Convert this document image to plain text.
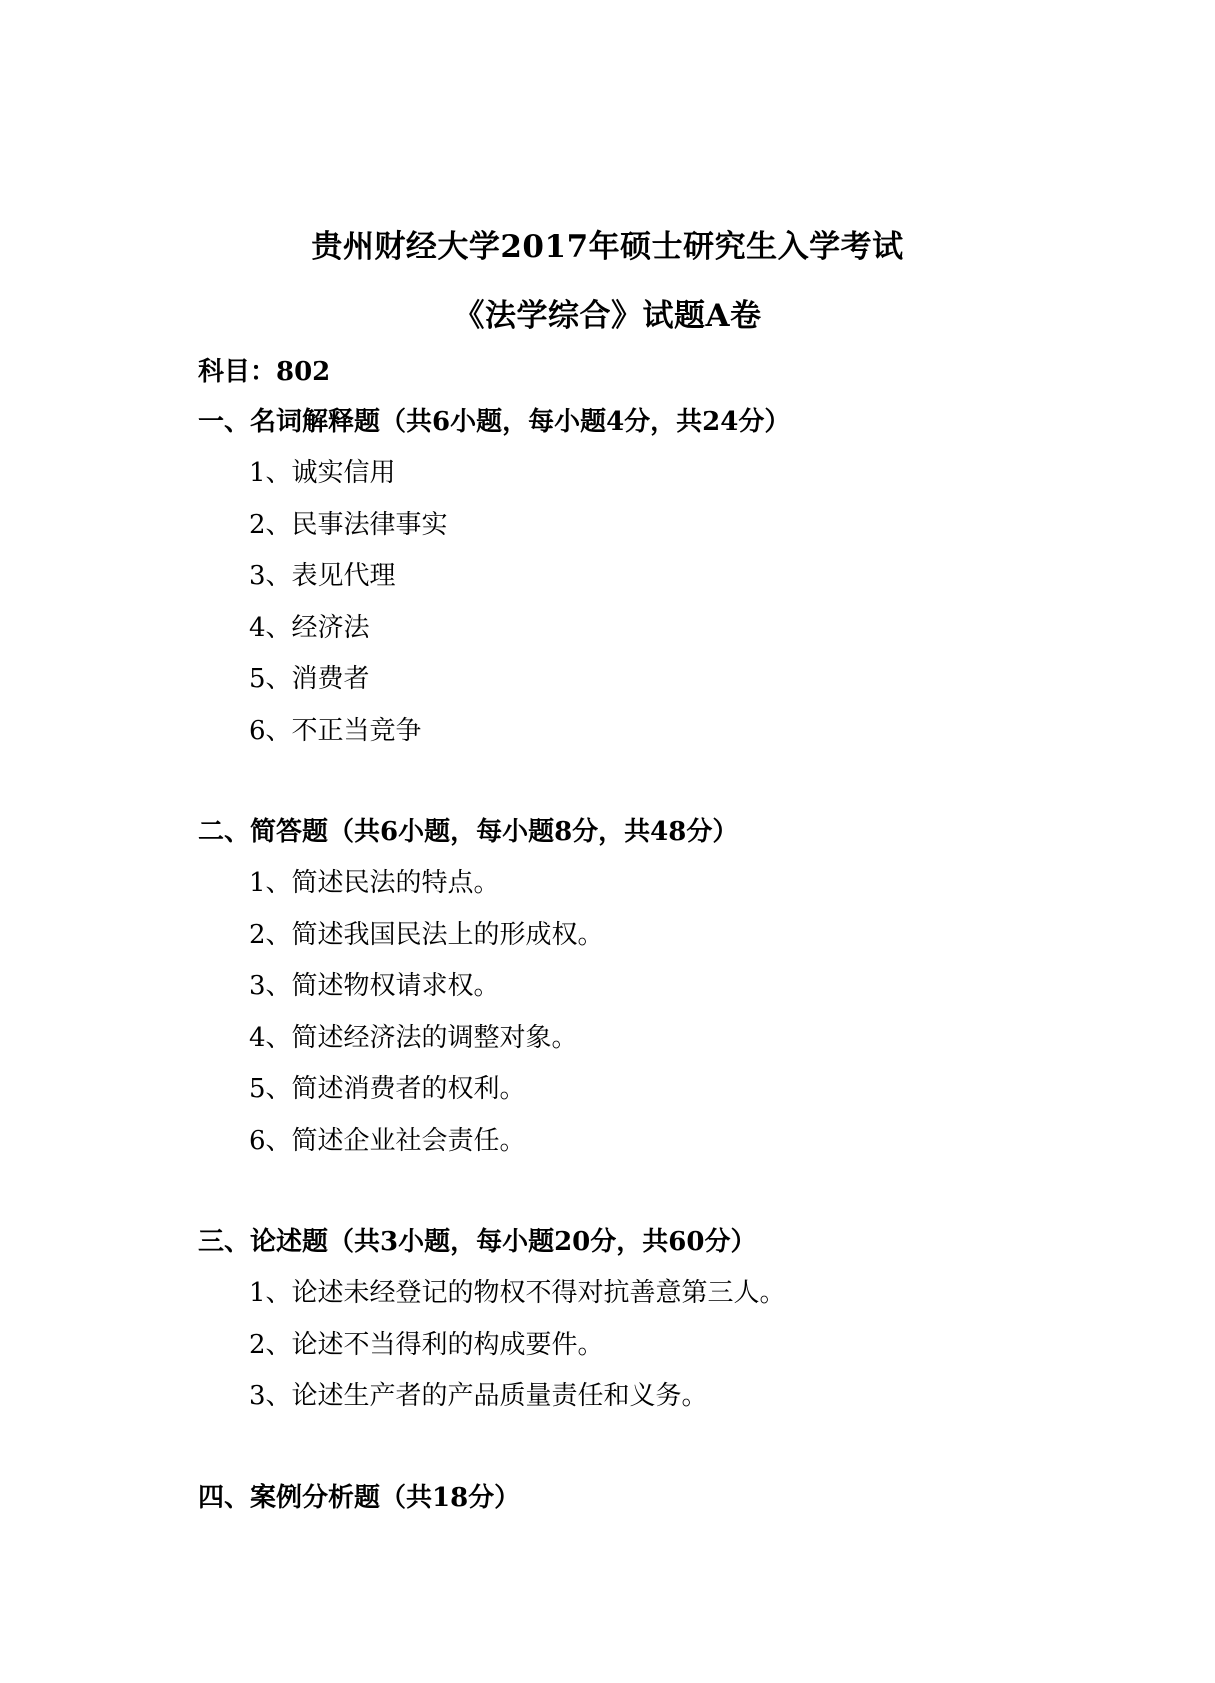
贵州财经大学2017年硕士研究生入学考试
《法学综合》试题A卷
科目：802
一、名词解释题（共6小题，每小题4分，共24分）
1、诚实信用
2、民事法律事实
3、表见代理
4、经济法
5、消费者
6、不正当竞争
二、简答题（共6小题，每小题8分，共48分）
1、简述民法的特点。
2、简述我国民法上的形成权。
3、简述物权请求权。
4、简述经济法的调整对象。
5、简述消费者的权利。
6、简述企业社会责任。
三、论述题（共3小题，每小题20分，共60分）
1、论述未经登记的物权不得对抗善意第三人。
2、论述不当得利的构成要件。
3、论述生产者的产品质量责任和义务。
四、案例分析题（共18分）
